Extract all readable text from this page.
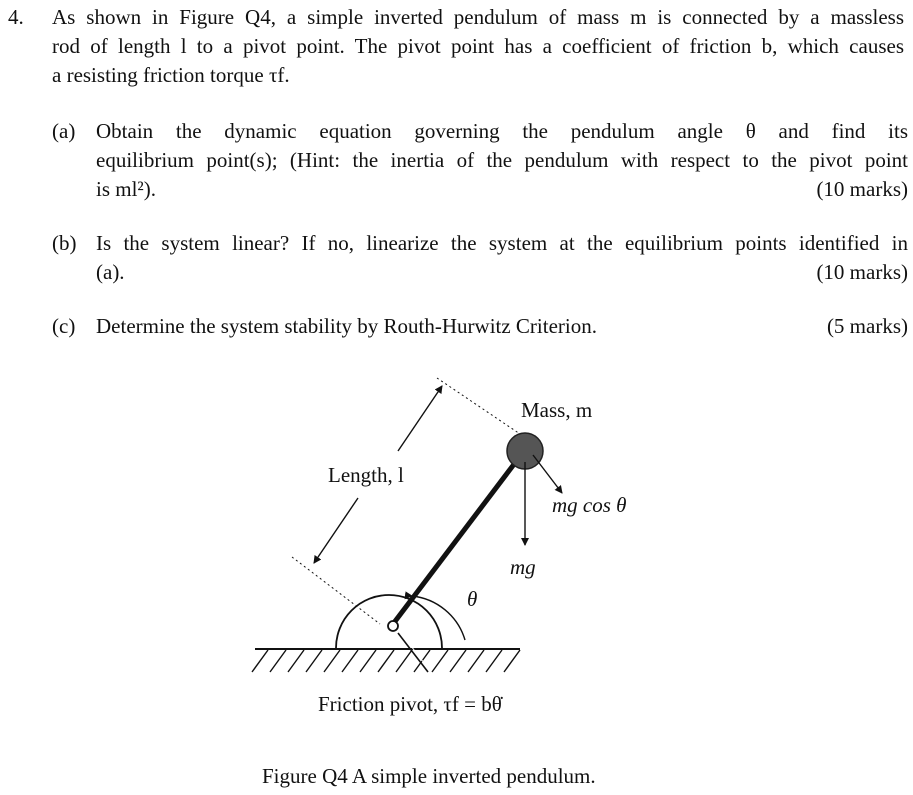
4. As shown in Figure Q4, a simple inverted pendulum of mass m is connected by a massless
rod of length l to a pivot point. The pivot point has a coefficient of friction b, which causes
a resisting friction torque τf.
(a) Obtain the dynamic equation governing the pendulum angle θ and find its
equilibrium point(s); (Hint: the inertia of the pendulum with respect to the pivot point
is ml²).	(10 marks)
(b) Is the system linear? If no, linearize the system at the equilibrium points identified in
(a).	(10 marks)
(c) Determine the system stability by Routh-Hurwitz Criterion.	(5 marks)
Mass, m
Length, l
mg
mg cos θ
θ
Friction pivot, τf = bθ̇
Figure Q4 A simple inverted pendulum.
